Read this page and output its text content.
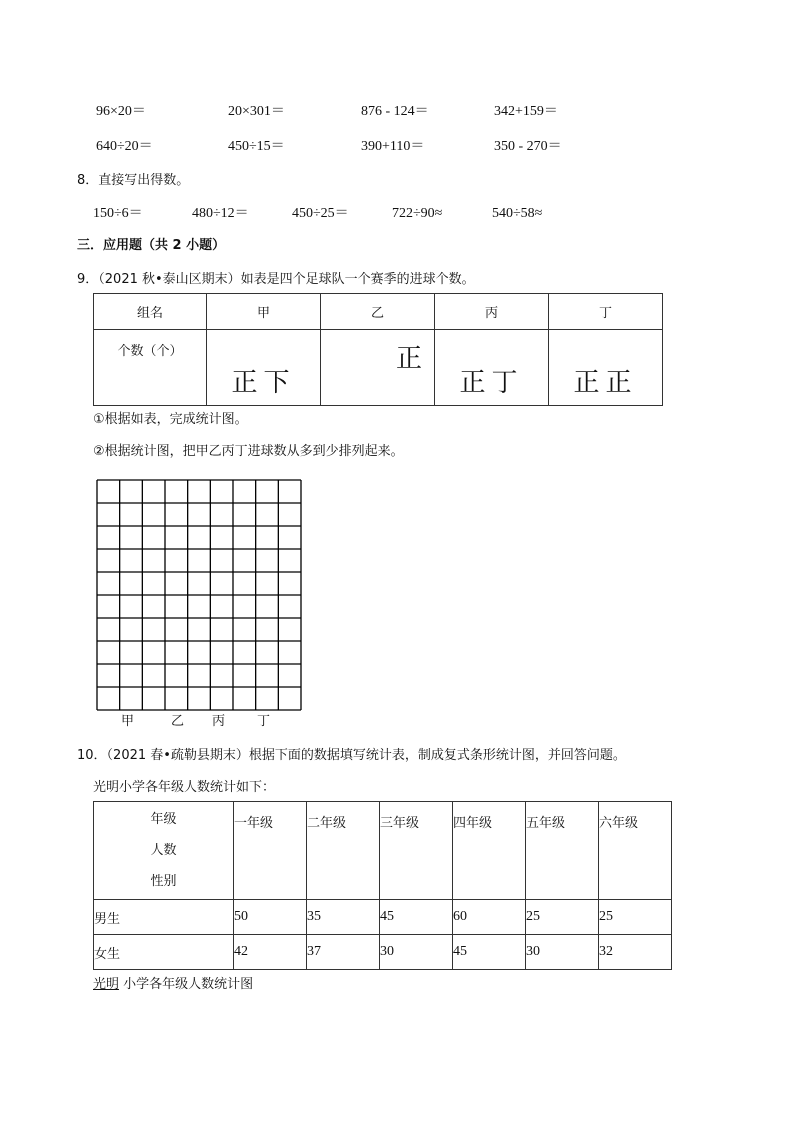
96×20＝	20×301＝	876 - 124＝	342+159＝
640÷20＝	450÷15＝	390+110＝	350 - 270＝
8．直接写出得数。
150÷6＝	480÷12＝	450÷25＝	722÷90≈	540÷58≈
三．应用题（共 2 小题）
9．（2021 秋•泰山区期末）如表是四个足球队一个赛季的进球个数。
组名	甲	乙	丙	丁
个数（个）	正下	正	正丁	正正
①根据如表，完成统计图。
②根据统计图，把甲乙丙丁进球数从多到少排列起来。
甲	乙 丙 丁
10．（2021 春•疏勒县期末）根据下面的数据填写统计表，制成复式条形统计图，并回答问题。
光明小学各年级人数统计如下：
年级
人数
性别	一年级	二年级	三年级	四年级	五年级	六年级
男生	50	35	45	60	25	25
女生	42	37	30	45	30	32
光明 小学各年级人数统计图
